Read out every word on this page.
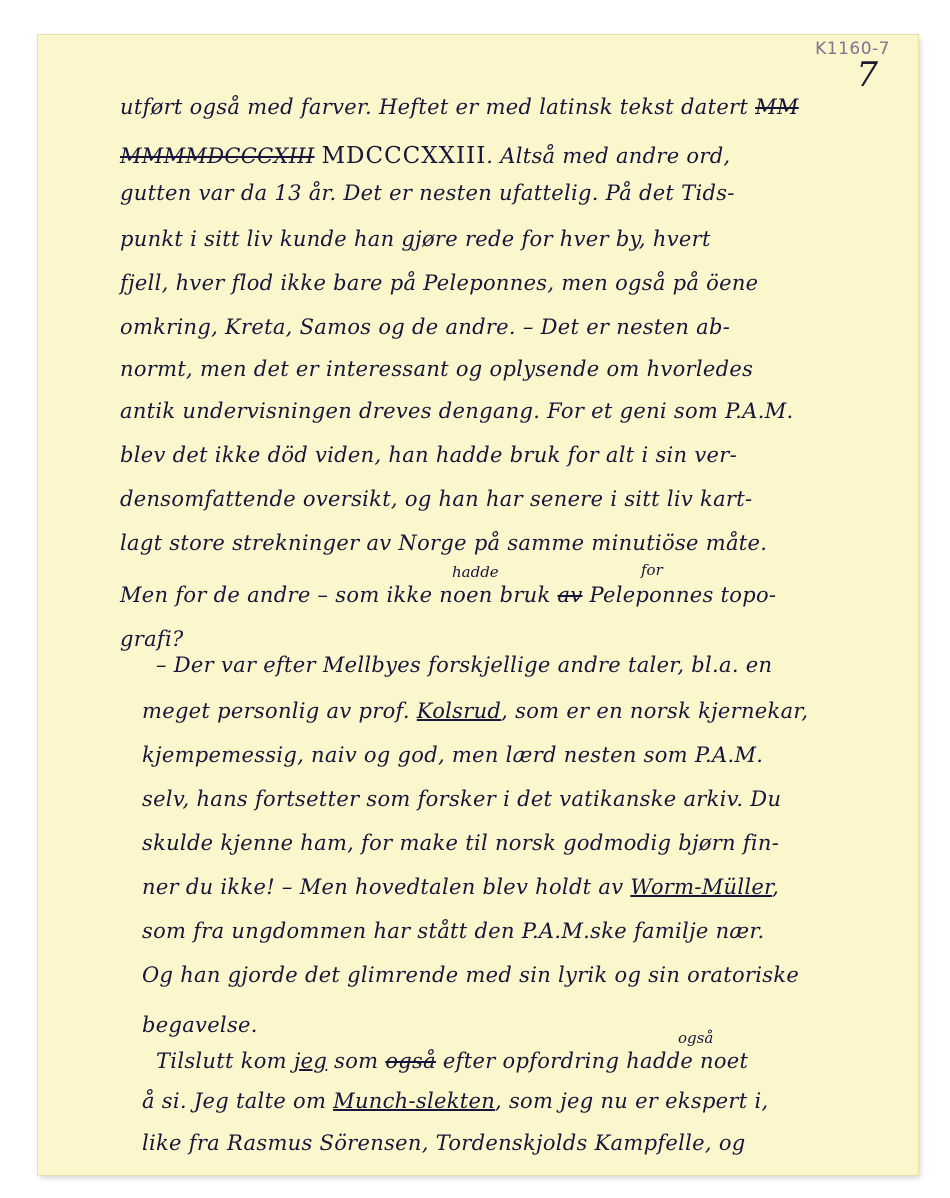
K1160-7
7
utført også med farver. Heftet er med latinsk tekst datert MM
MMMMDCCCXIII MDCCCXXIII. Altså med andre ord,
gutten var da 13 år. Det er nesten ufattelig. På det Tids-
punkt i sitt liv kunde han gjøre rede for hver by, hvert
fjell, hver flod ikke bare på Peleponnes, men også på öene
omkring, Kreta, Samos og de andre. – Det er nesten ab-
normt, men det er interessant og oplysende om hvorledes
antik undervisningen dreves dengang. For et geni som P.A.M.
blev det ikke död viden, han hadde bruk for alt i sin ver-
densomfattende oversikt, og han har senere i sitt liv kart-
lagt store strekninger av Norge på samme minutiöse måte.
Men for de andre – som ikke noen bruk av Peleponnes topo-
hadde	for
grafi?
– Der var efter Mellbyes forskjellige andre taler, bl.a. en
meget personlig av prof. Kolsrud, som er en norsk kjernekar,
kjempemessig, naiv og god, men lærd nesten som P.A.M.
selv, hans fortsetter som forsker i det vatikanske arkiv. Du
skulde kjenne ham, for make til norsk godmodig bjørn fin-
ner du ikke! – Men hovedtalen blev holdt av Worm-Müller,
som fra ungdommen har stått den P.A.M.ske familje nær.
Og han gjorde det glimrende med sin lyrik og sin oratoriske
begavelse.
Tilslutt kom jeg som også efter opfordring hadde noet
også
å si. Jeg talte om Munch-slekten, som jeg nu er ekspert i,
like fra Rasmus Sörensen, Tordenskjolds Kampfelle, og
